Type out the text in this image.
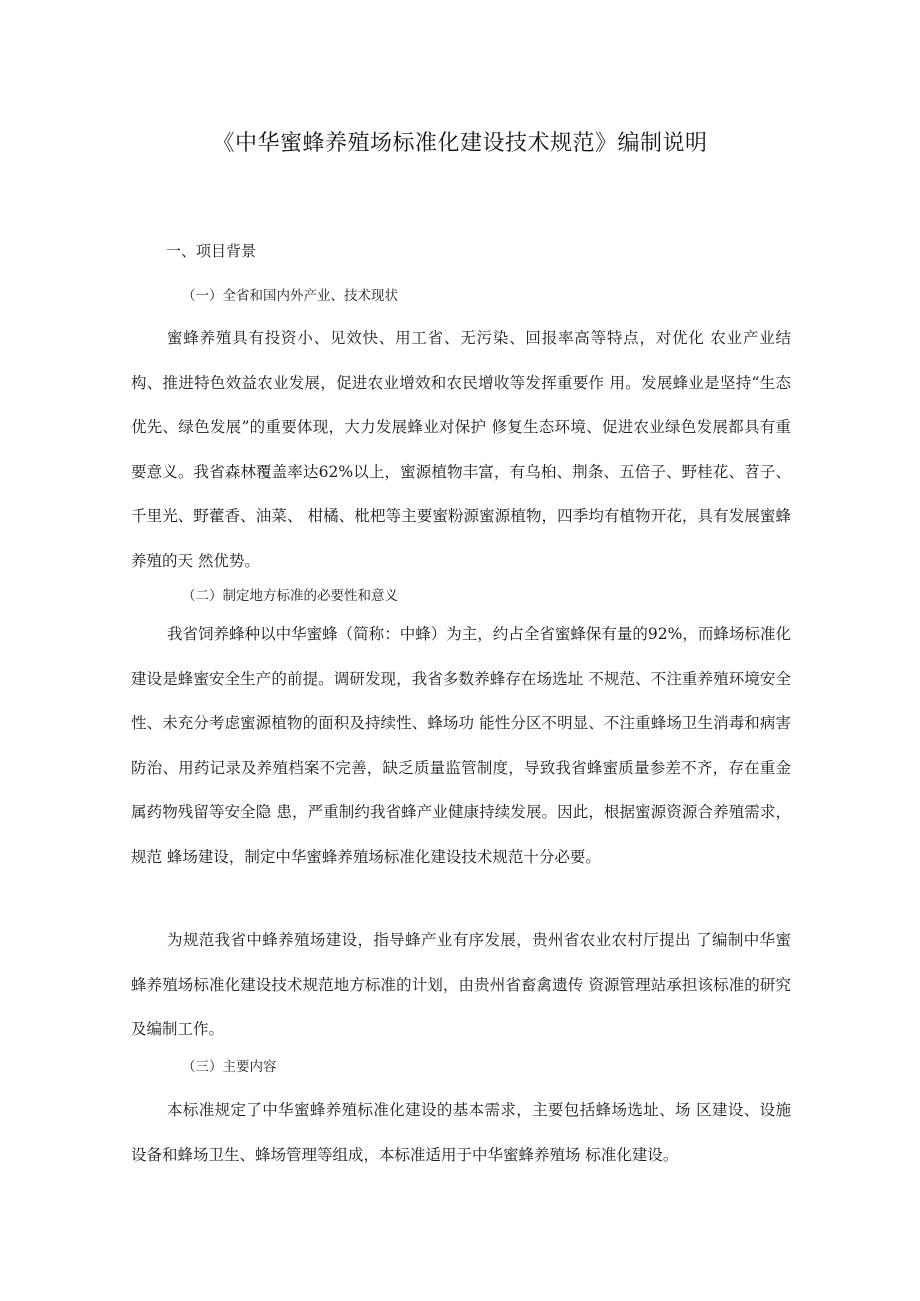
《中华蜜蜂养殖场标准化建设技术规范》编制说明
一、项目背景
（一）全省和国内外产业、技术现状

蜜蜂养殖具有投资小、见效快、用工省、无污染、回报率高等特点，对优化 农业产业结构、推进特色效益农业发展，促进农业增效和农民增收等发挥重要作 用。发展蜂业是坚持“生态优先、绿色发展”的重要体现，大力发展蜂业对保护 修复生态环境、促进农业绿色发展都具有重要意义。我省森林覆盖率达62%以上，蜜源植物丰富，有乌桕、荆条、五倍子、野桂花、苕子、千里光、野藿香、油菜、 柑橘、枇杷等主要蜜粉源蜜源植物，四季均有植物开花，具有发展蜜蜂养殖的天 然优势。

（二）制定地方标准的必要性和意义

我省饲养蜂种以中华蜜蜂（简称：中蜂）为主，约占全省蜜蜂保有量的92%，而蜂场标准化建设是蜂蜜安全生产的前提。调研发现，我省多数养蜂存在场选址 不规范、不注重养殖环境安全性、未充分考虑蜜源植物的面积及持续性、蜂场功 能性分区不明显、不注重蜂场卫生消毒和病害防治、用药记录及养殖档案不完善，缺乏质量监管制度，导致我省蜂蜜质量参差不齐，存在重金属药物残留等安全隐 患，严重制约我省蜂产业健康持续发展。因此，根据蜜源资源合养殖需求，规范 蜂场建设，制定中华蜜蜂养殖场标准化建设技术规范十分必要。

为规范我省中蜂养殖场建设，指导蜂产业有序发展，贵州省农业农村厅提出 了编制中华蜜蜂养殖场标准化建设技术规范地方标准的计划，由贵州省畜禽遗传 资源管理站承担该标准的研究及编制工作。

（三）主要内容

本标准规定了中华蜜蜂养殖标准化建设的基本需求，主要包括蜂场选址、场 区建设、设施设备和蜂场卫生、蜂场管理等组成，本标准适用于中华蜜蜂养殖场 标准化建设。
